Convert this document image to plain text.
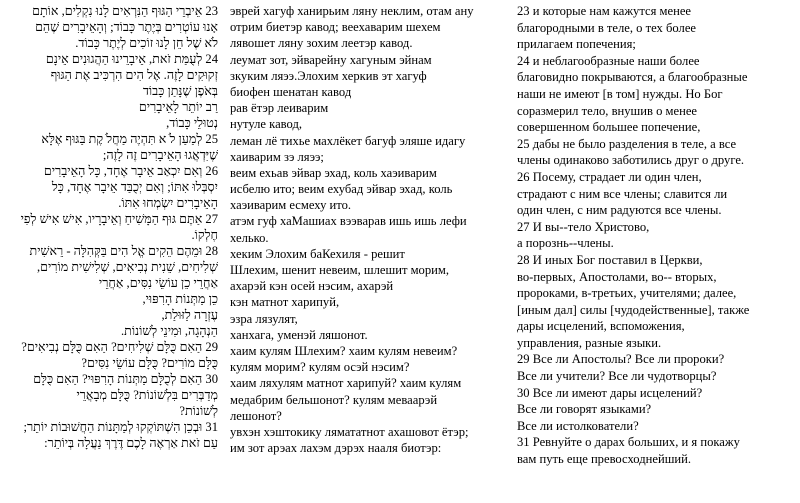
23 אֵיבְרֵי הַגּוּף הַנִּרְאִים לָנוּ נִקְלִים, אוֹתָם
אָנוּ עוֹטְרִים בְּיֶתֶר כָּבוֹד; וְהָאֵיבָרִים שֶׁהֵם
לֹא שֶׁל חֵן לָנוּ זוֹכִים לְיֶתֶר כָּבוֹד.
24 לְעֻמַּת זֹאת, אֵיבָרֵינוּ הַהֲגוּנִים אֵינָם
זְקוּקִים לָזֶה. אֶל הִים הִרְכִּיב אֶת הַגּוּף
בְּאֹפֶן שֶׁנָּתַן כָּבוֹד
רַב יוֹתֵר לָאֵיבָרִים
נְטוּלֵי כָּבוֹד,
25 לְמַעַן לֹ א תִּהְיֶה מַחֲלֹ קֶת בַּגּוּף אֶלָּא
שֶׁיִּדְאֲגוּ הָאֵיבָרִים זֶה לָזֶה;
26 וְאִם יִכְאַב אֵיבָר אֶחָד, כָּל הָאֵיבָרִים
יִסְבְּלוּ אִתּוֹ; וְאִם יְכֻבַּד אֵיבָר אֶחָד, כָּל
הָאֵיבָרִים יִשְׂמְחוּ אִתּוֹ.
27 אַתֶּם גּוּף הַמָּשִׁיחַ וְאֵיבָרָיו, אִישׁ אִישׁ לְפִי
חֶלְקוֹ.
28 וּמֵהֶם הֵקִים אֱל הִים בַּקְּהִלָּה - רֵאשִׁית
שְׁלִיחִים, שֵׁנִית נְבִיאִים, שְׁלִישִׁית מוֹרִים,
אַחֲרֵי כֵן עוֹשֵׂי נִסִּים, אַחֲרֵי
כֵן מַתְּנוֹת הָרִפּוּי,
עֶזְרָה לַזּוּלַת,
הַנְהָגָה, וּמִינֵי לְשׁוֹנוֹת.
29 הַאִם כֻּלָּם שְׁלִיחִים? הַאִם כֻּלָּם נְבִיאִים?
כֻּלָּם מוֹרִים? כֻּלָּם עוֹשֵׂי נִסִּים?
30 הַאִם לְכֻלָּם מַתְּנוֹת הָרִפּוּי? הַאִם כֻּלָּם
מְדַבְּרִים בִּלְשׁוֹנוֹת? כֻּלָּם מְבָאֲרֵי
לְשׁוֹנוֹת?
31 וּבְכֵן הִשְׁתּוֹקְקוּ לְמַתָּנוֹת הַחֲשׁוּבוֹת יוֹתֵר;
עַם זֹאת אַרְאֶה לָכֶם דֶּרֶךְ נַעֲלָה בְּיוֹתֵר:
эврей хагуф ханирьим ляну неклим, отам ану
отрим биетэр кавод; веехаварим шехем
лявошет ляну зохим леетэр кавод.
леумат зот, эйварейну хагуным эйнам
зкуким ляээ.Элохим херкив эт хагуф
биофен шенатан кавод
рав ётэр леиварим
нутуле кавод,
леман лё тихье махлёкет багуф эляше идагу
хаиварим зэ ляээ;
веим ехьав эйвар эхад, коль хаэиварим
исбелю ито; веим ехубад эйвар эхад, коль
хаэиварим есмеху ито.
атэм гуф хаМашиах вээварав ишь ишь лефи
хелько.
хеким Элохим баКехиля - решит
Шлехим, шенит невеим, шлешит морим,
ахарэй кэн осей нэсим, ахарэй
кэн матнот харипуй,
эзра лязулят,
ханхага, уменэй ляшонот.
хаим кулям Шлехим? хаим кулям невеим?
кулям морим? кулям осэй нэсим?
хаим ляхулям матнот харипуй? хаим кулям
медабрим бельшонот? кулям меваарэй
лешонот?
увхэн хэштокику лямататнот ахашовот ётэр;
им зот арэах лахэм дэрэх нааля биотэр:
23 и которые нам кажутся менее
благородными в теле, о тех более
прилагаем попечения;
24 и неблагообразные наши более
благовидно покрываются, а благообразные
наши не имеют [в том] нужды. Но Бог
соразмерил тело, внушив о менее
совершенном большее попечение,
25 дабы не было разделения в теле, а все
члены одинаково заботились друг о друге.
26 Посему, страдает ли один член,
страдают с ним все члены; славится ли
один член, с ним радуются все члены.
27 И вы--тело Христово,
а порознь--члены.
28 И иных Бог поставил в Церкви,
во-первых, Апостолами, во-- вторых,
пророками, в-третьих, учителями; далее,
[иным дал] силы [чудодейственные], также
дары исцелений, вспоможения,
управления, разные языки.
29 Все ли Апостолы? Все ли пророки?
Все ли учители? Все ли чудотворцы?
30 Все ли имеют дары исцелений?
Все ли говорят языками?
Все ли истолкователи?
31 Ревнуйте о дарах больших, и я покажу
вам путь еще превосходнейший.
